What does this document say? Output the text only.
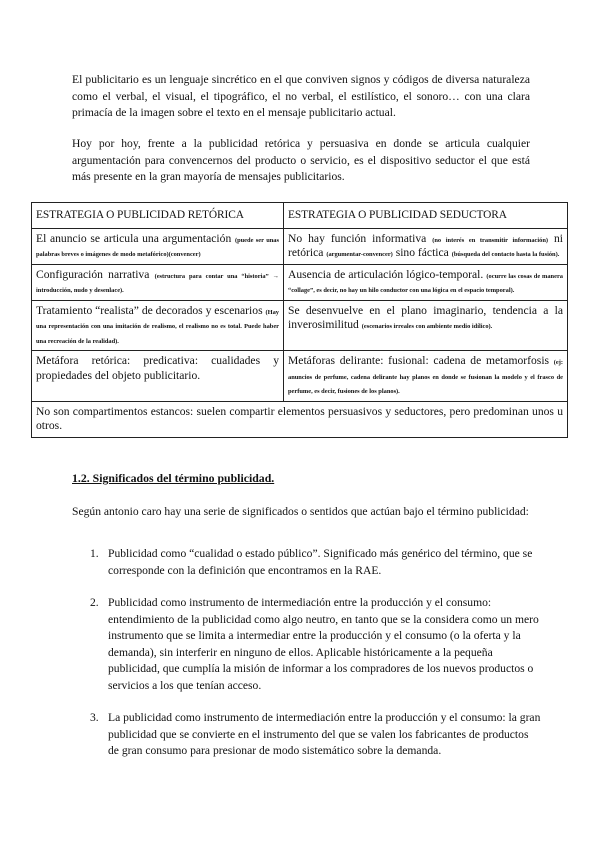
El publicitario es un lenguaje sincrético en el que conviven signos y códigos de diversa naturaleza como el verbal, el visual, el tipográfico, el no verbal, el estilístico, el sonoro… con una clara primacía de la imagen sobre el texto en el mensaje publicitario actual.

Hoy por hoy, frente a la publicidad retórica y persuasiva en donde se articula cualquier argumentación para convencernos del producto o servicio, es el dispositivo seductor el que está más presente en la gran mayoría de mensajes publicitarios.

ESTRATEGIA O PUBLICIDAD RETÓRICA	ESTRATEGIA O PUBLICIDAD SEDUCTORA
El anuncio se articula una argumentación (puede ser unas palabras breves o imágenes de modo metafórico)(convencer)	No hay función informativa (no interés en transmitir información) ni retórica (argumentar-convencer) sino fáctica (búsqueda del contacto hasta la fusión).
Configuración narrativa (estructura para contar una “historia” → introducción, nudo y desenlace).	Ausencia de articulación lógico-temporal. (ocurre las cosas de manera “collage”, es decir, no hay un hilo conductor con una lógica en el espacio temporal).
Tratamiento “realista” de decorados y escenarios (Hay una representación con una imitación de realismo, el realismo no es total. Puede haber una recreación de la realidad).	Se desenvuelve en el plano imaginario, tendencia a la inverosimilitud (escenarios irreales con ambiente medio idílico).
Metáfora retórica: predicativa: cualidades y propiedades del objeto publicitario.	Metáforas delirante: fusional: cadena de metamorfosis (ej: anuncios de perfume, cadena delirante hay planos en donde se fusionan la modelo y el frasco de perfume, es decir, fusiones de los planos).
No son compartimentos estancos: suelen compartir elementos persuasivos y seductores, pero predominan unos u otros.	

1.2. Significados del término publicidad.

Según antonio caro hay una serie de significados o sentidos que actúan bajo el término publicidad:

1. Publicidad como “cualidad o estado público”. Significado más genérico del término, que se corresponde con la definición que encontramos en la RAE.
2. Publicidad como instrumento de intermediación entre la producción y el consumo: entendimiento de la publicidad como algo neutro, en tanto que se la considera como un mero instrumento que se limita a intermediar entre la producción y el consumo (o la oferta y la demanda), sin interferir en ninguno de ellos. Aplicable históricamente a la pequeña publicidad, que cumplía la misión de informar a los compradores de los nuevos productos o servicios a los que tenían acceso.
3. La publicidad como instrumento de intermediación entre la producción y el consumo: la gran publicidad que se convierte en el instrumento del que se valen los fabricantes de productos de gran consumo para presionar de modo sistemático sobre la demanda.
